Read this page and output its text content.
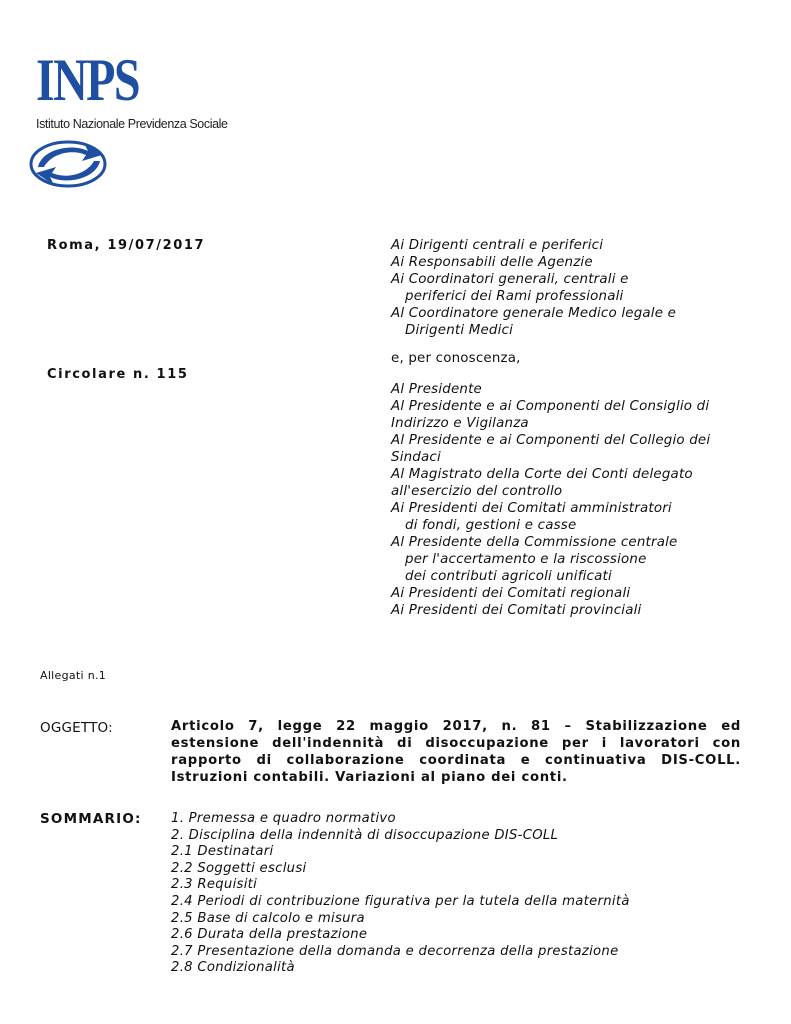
INPS
Istituto Nazionale Previdenza Sociale
Roma, 19/07/2017
Circolare n. 115
Allegati n.1
Ai Dirigenti centrali e periferici
Ai Responsabili delle Agenzie
Ai Coordinatori generali, centrali e
periferici dei Rami professionali
Al Coordinatore generale Medico legale e
Dirigenti Medici
e, per conoscenza,
Al Presidente
Al Presidente e ai Componenti del Consiglio di
Indirizzo e Vigilanza
Al Presidente e ai Componenti del Collegio dei
Sindaci
Al Magistrato della Corte dei Conti delegato
all'esercizio del controllo
Ai Presidenti dei Comitati amministratori
di fondi, gestioni e casse
Al Presidente della Commissione centrale
per l'accertamento e la riscossione
dei contributi agricoli unificati
Ai Presidenti dei Comitati regionali
Ai Presidenti dei Comitati provinciali
OGGETTO:	Articolo 7, legge 22 maggio 2017, n. 81 – Stabilizzazione ed estensione dell'indennità di disoccupazione per i lavoratori con rapporto di collaborazione coordinata e continuativa DIS-COLL. Istruzioni contabili. Variazioni al piano dei conti.
SOMMARIO: 1. Premessa e quadro normativo
2. Disciplina della indennità di disoccupazione DIS-COLL
2.1 Destinatari
2.2 Soggetti esclusi
2.3 Requisiti
2.4 Periodi di contribuzione figurativa per la tutela della maternità
2.5 Base di calcolo e misura
2.6 Durata della prestazione
2.7 Presentazione della domanda e decorrenza della prestazione
2.8 Condizionalità
